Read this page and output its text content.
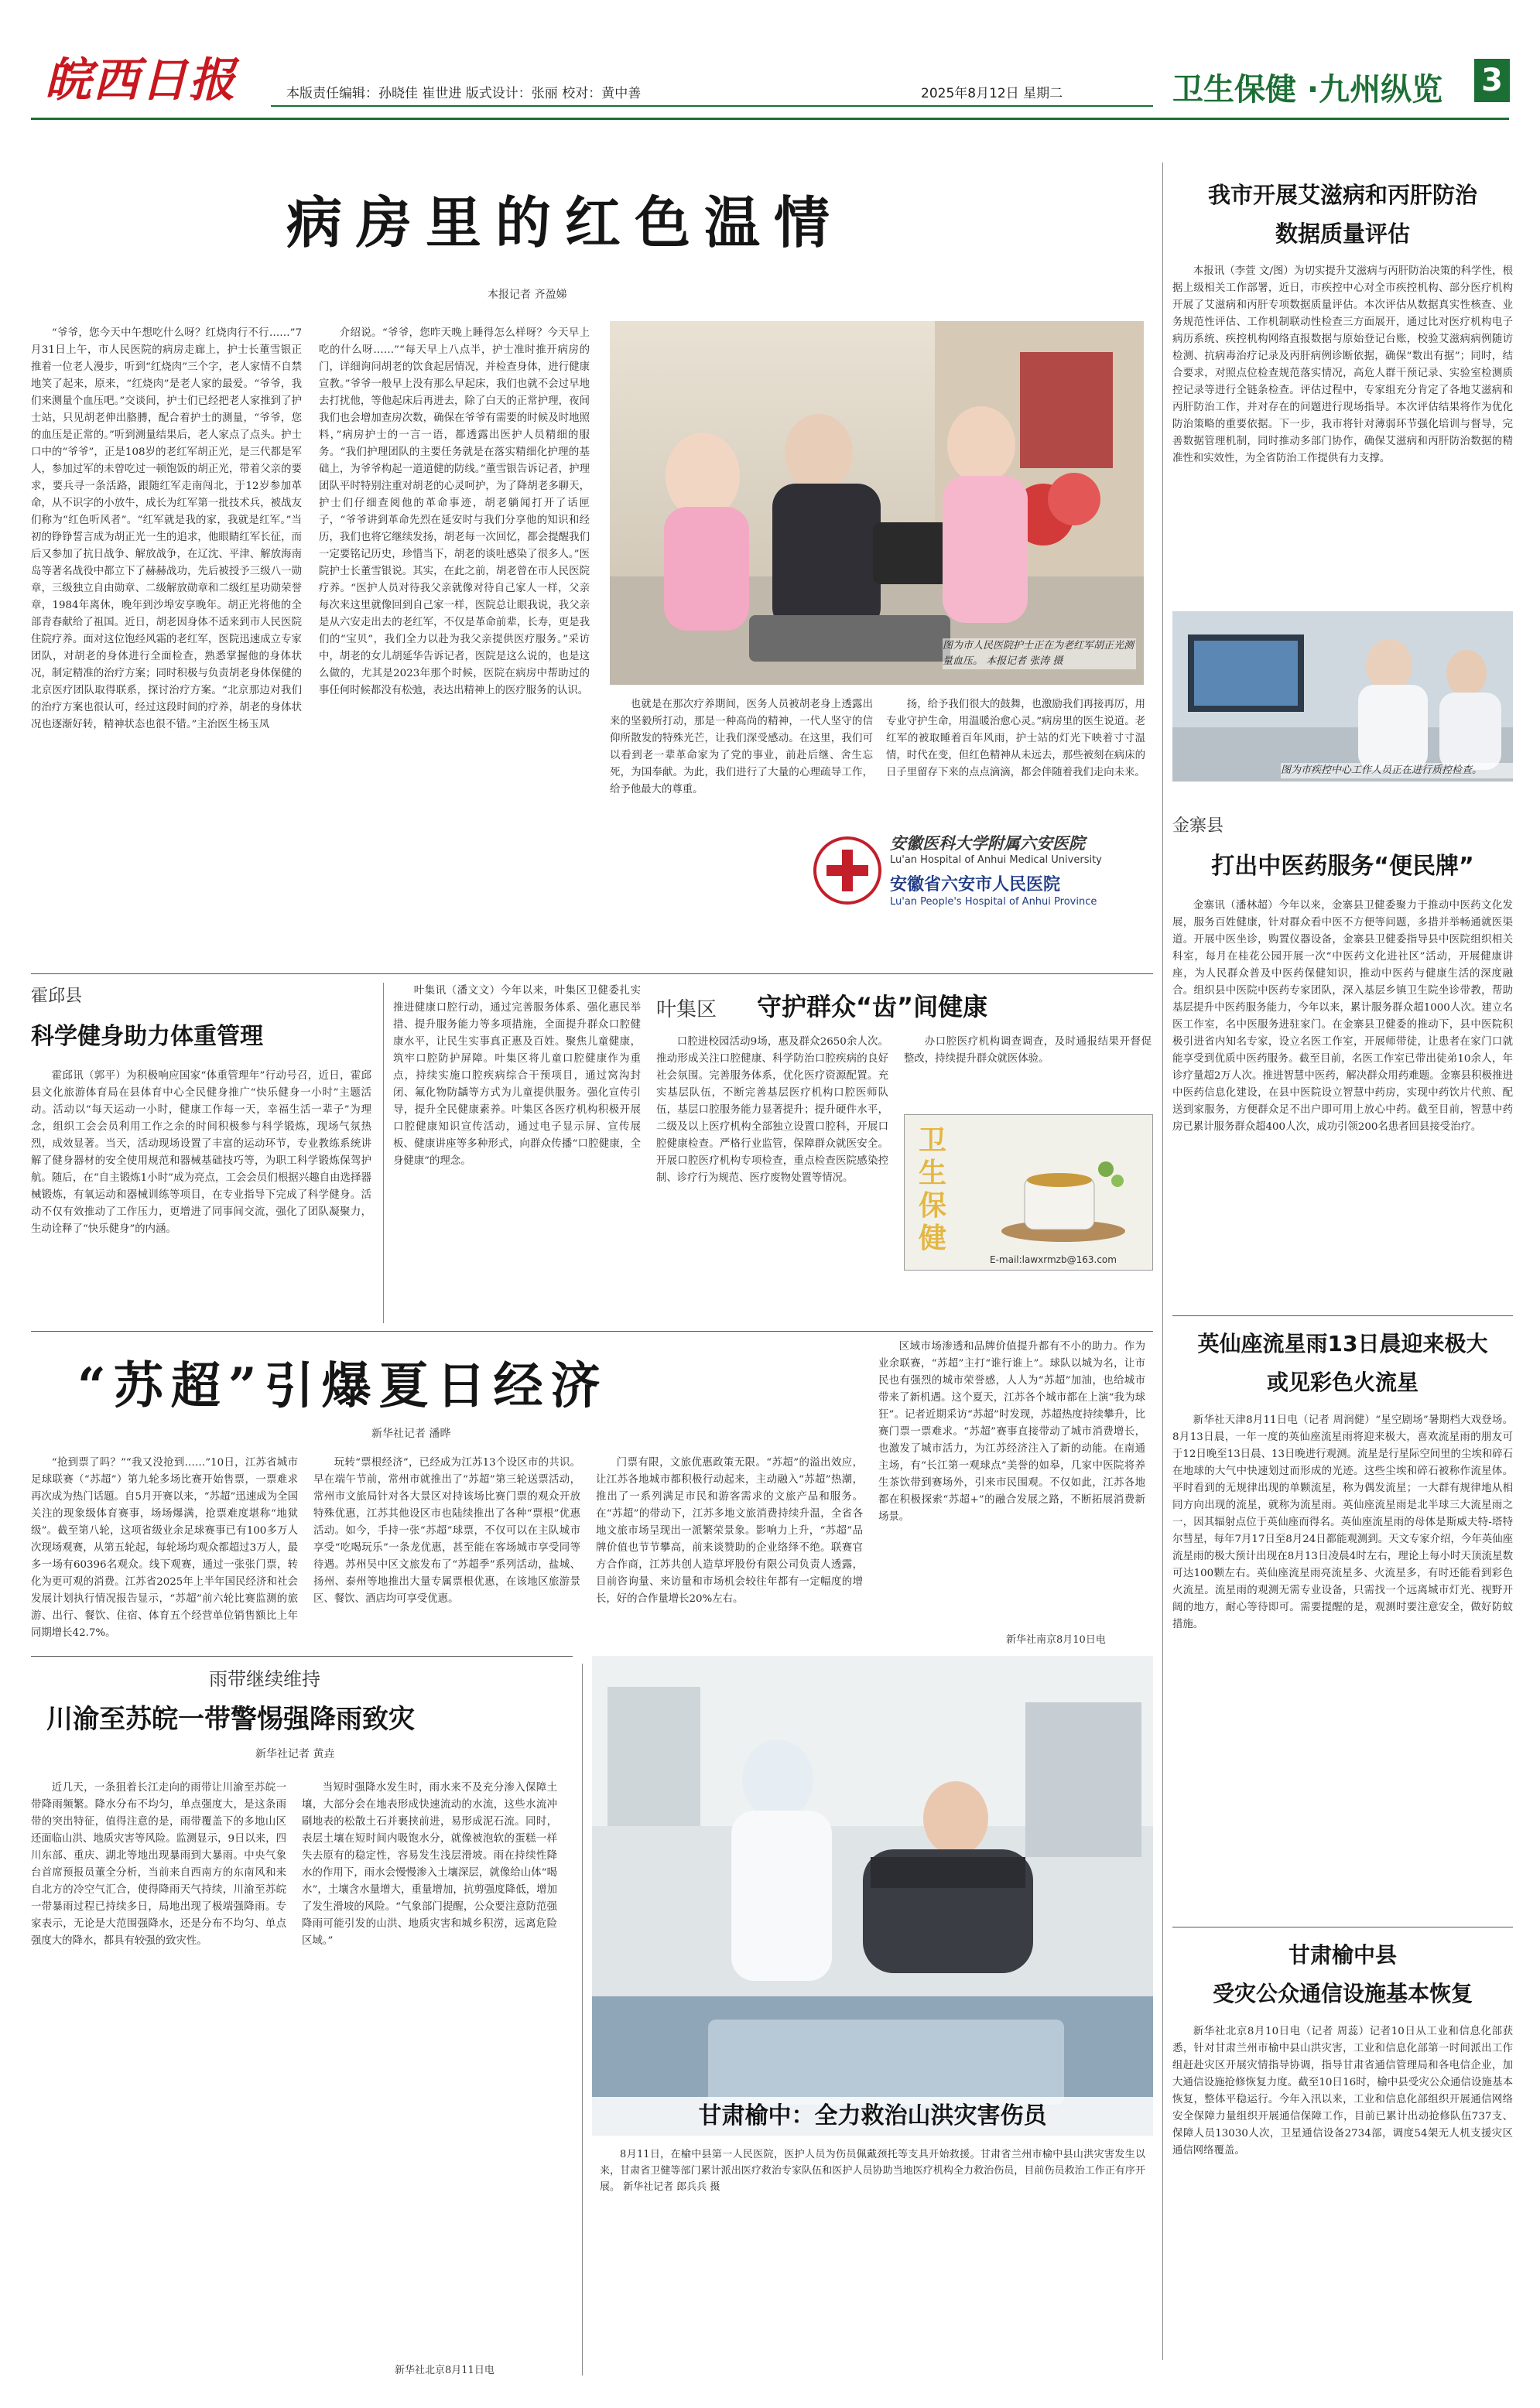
皖西日报	本版责任编辑：孙晓佳 崔世进 版式设计：张丽 校对：黄中善	2025年8月12日 星期二	卫生保健 ·九州纵览 3
病房里的红色温情
本报记者 齐盈娣

“爷爷，您今天中午想吃什么呀？红烧肉行不行……”7月31日上午，市人民医院的病房走廊上，护士长董雪银正推着一位老人漫步，听到“红烧肉”三个字，老人家情不自禁地笑了起来，原来，“红烧肉”是老人家的最爱。“爷爷，我们来测量个血压吧。”交谈间，护士们已经把老人家推到了护士站，只见胡老伸出胳膊，配合着护士的测量，“爷爷，您的血压是正常的。”听到测量结果后，老人家点了点头。护士口中的“爷爷”，正是108岁的老红军胡正光，是三代都是军人，参加过军的未曾吃过一顿饱饭的胡正光，带着父亲的要求，要兵寻一条活路，跟随红军走南闯北，于12岁参加革命，从不识字的小放牛，成长为红军第一批技术兵，被战友们称为“红色听风者”。“红军就是我的家，我就是红军。”当初的铮铮誓言成为胡正光一生的追求，他眼睛红军长征，而后又参加了抗日战争、解放战争，在辽沈、平津、解放海南岛等著名战役中都立下了赫赫战功，先后被授予三级八一勋章，三级独立自由勋章、二级解放勋章和二级红星功勋荣誉章，1984年离休，晚年到沙埠安享晚年。胡正光将他的全部青春献给了祖国。近日，胡老因身体不适来到市人民医院住院疗养。面对这位饱经风霜的老红军，医院迅速成立专家团队，对胡老的身体进行全面检查，熟悉掌握他的身体状况，制定精准的治疗方案；同时积极与负责胡老身体保健的北京医疗团队取得联系，探讨治疗方案。“北京那边对我们的治疗方案也很认可，经过这段时间的疗养，胡老的身体状况也逐渐好转，精神状态也很不错。”主治医生杨玉凤

介绍说。“爷爷，您昨天晚上睡得怎么样呀？今天早上吃的什么呀……”“每天早上八点半，护士准时推开病房的门，详细询问胡老的饮食起居情况，并检查身体，进行健康宣教。”爷爷一般早上没有那么早起床，我们也就不会过早地去打扰他，等他起床后再进去，除了白天的正常护理，夜间我们也会增加查房次数，确保在爷爷有需要的时候及时地照料，”病房护士的一言一语，都透露出医护人员精细的服务。“我们护理团队的主要任务就是在落实精细化护理的基础上，为爷爷构起一道道健的防线。”董雪银告诉记者，护理团队平时特别注重对胡老的心灵呵护，为了降胡老多聊天，护士们仔细查阅他的革命事迹，胡老躺闻打开了话匣子，“爷爷讲到革命先烈在延安时与我们分享他的知识和经历，我们也将它继续发扬，胡老每一次回忆，都会提醒我们一定要铭记历史，珍惜当下，胡老的谈吐感染了很多人。”医院护士长董雪银说。其实，在此之前，胡老曾在市人民医院疗养。“医护人员对待我父亲就像对待自己家人一样，父亲每次来这里就像回到自己家一样，医院总让眼我说，我父亲是从六安走出去的老红军，不仅是革命前辈，长寿，更是我们的“宝贝”，我们全力以赴为我父亲提供医疗服务。”采访中，胡老的女儿胡延华告诉记者，医院是这么说的，也是这么做的，尤其是2023年那个时候，医院在病房中帮助过的事任何时候都没有松弛，表达出精神上的医疗服务的认识。

图为市人民医院护士正在为老红军胡正光测量血压。 本报记者 张涛 摄

也就是在那次疗养期间，医务人员被胡老身上透露出来的坚毅所打动，那是一种高尚的精神，一代人坚守的信仰所散发的特殊光芒，让我们深受感动。在这里，我们可以看到老一辈革命家为了党的事业，前赴后继、舍生忘死，为国奉献。为此，我们进行了大量的心理疏导工作，给予他最大的尊重。

扬，给予我们很大的鼓舞，也激励我们再接再厉，用专业守护生命，用温暖治愈心灵。”病房里的医生说道。老红军的被取睡着百年风雨，护士站的灯光下映着寸寸温情，时代在变，但红色精神从未远去，那些被刻在病床的日子里留存下来的点点滴滴，都会伴随着我们走向未来。

安徽医科大学附属六安医院
Lu'an Hospital of Anhui Medical University
安徽省六安市人民医院
Lu'an People's Hospital of Anhui Province
我市开展艾滋病和丙肝防治
数据质量评估

本报讯（李萱 文/图）为切实提升艾滋病与丙肝防治决策的科学性，根据上级相关工作部署，近日，市疾控中心对全市疾控机构、部分医疗机构开展了艾滋病和丙肝专项数据质量评估。本次评估从数据真实性核查、业务规范性评估、工作机制联动性检查三方面展开，通过比对医疗机构电子病历系统、疾控机构网络直报数据与原始登记台账，校验艾滋病病例随访检测、抗病毒治疗记录及丙肝病例诊断依据，确保“数出有据”；同时，结合要求，对照点位检查规范落实情况，高危人群干预记录、实验室检测质控记录等进行全链条检查。评估过程中，专家组充分肯定了各地艾滋病和丙肝防治工作，并对存在的问题进行现场指导。本次评估结果将作为优化防治策略的重要依据。下一步，我市将针对薄弱环节强化培训与督导，完善数据管理机制，同时推动多部门协作，确保艾滋病和丙肝防治数据的精准性和实效性，为全省防治工作提供有力支撑。

图为市疾控中心工作人员正在进行质控检查。
金寨县
打出中医药服务“便民牌”

金寨讯（潘林超）今年以来，金寨县卫健委聚力于推动中医药文化发展，服务百姓健康，针对群众看中医不方便等问题，多措并举畅通就医渠道。开展中医坐诊，购置仪器设备，金寨县卫健委指导县中医院组织相关科室，每月在桂花公园开展一次“中医药文化进社区”活动，开展健康讲座，为人民群众普及中医药保健知识，推动中医药与健康生活的深度融合。组织县中医院中医药专家团队，深入基层乡镇卫生院坐诊带教，帮助基层提升中医药服务能力，今年以来，累计服务群众超1000人次。建立名医工作室，名中医服务进驻家门。在金寨县卫健委的推动下，县中医院积极引进省内知名专家，设立名医工作室，开展师带徒，让患者在家门口就能享受到优质中医药服务。截至目前，名医工作室已带出徒弟10余人，年诊疗量超2万人次。推进智慧中医药，解决群众用药难题。金寨县积极推进中医药信息化建设，在县中医院设立智慧中药房，实现中药饮片代煎、配送到家服务，方便群众足不出户即可用上放心中药。截至目前，智慧中药房已累计服务群众超400人次，成功引领200名患者回县接受治疗。

霍邱县
科学健身助力体重管理

霍邱讯（郭平）为积极响应国家“体重管理年”行动号召，近日，霍邱县文化旅游体育局在县体育中心全民健身推广“快乐健身一小时”主题活动。活动以“每天运动一小时，健康工作每一天，幸福生活一辈子”为理念，组织工会会员利用工作之余的时间积极参与科学锻炼，现场气氛热烈，成效显著。当天，活动现场设置了丰富的运动环节，专业教练系统讲解了健身器材的安全使用规范和器械基础技巧等，为职工科学锻炼保驾护航。随后，在“自主锻炼1小时”成为亮点，工会会员们根据兴趣自由选择器械锻炼，有氧运动和器械训练等项目，在专业指导下完成了科学健身。活动不仅有效推动了工作压力，更增进了同事间交流，强化了团队凝聚力，生动诠释了“快乐健身”的内涵。

叶集区 守护群众“齿”间健康

叶集讯（潘文文）今年以来，叶集区卫健委扎实推进健康口腔行动，通过完善服务体系、强化惠民举措、提升服务能力等多项措施，全面提升群众口腔健康水平，让民生实事真正惠及百姓。聚焦儿童健康，筑牢口腔防护屏障。叶集区将儿童口腔健康作为重点，持续实施口腔疾病综合干预项目，通过窝沟封闭、氟化物防龋等方式为儿童提供服务。强化宣传引导，提升全民健康素养。叶集区各医疗机构积极开展口腔健康知识宣传活动，通过电子显示屏、宣传展板、健康讲座等多种形式，向群众传播“口腔健康，全身健康”的理念。

口腔进校园活动9场，惠及群众2650余人次。推动形成关注口腔健康、科学防治口腔疾病的良好社会氛围。完善服务体系，优化医疗资源配置。充实基层队伍，不断完善基层医疗机构口腔医师队伍，基层口腔服务能力显著提升；提升硬件水平，二级及以上医疗机构全部独立设置口腔科，开展口腔健康检查。严格行业监管，保障群众就医安全。开展口腔医疗机构专项检查，重点检查医院感染控制、诊疗行为规范、医疗废物处置等情况。

办口腔医疗机构调查调查，及时通报结果开督促整改，持续提升群众就医体验。

卫生保健
E-mail:lawxrmzb@163.com
“苏超”引爆夏日经济
新华社记者 潘晔

“抢到票了吗？”“我又没抢到……”10日，江苏省城市足球联赛（“苏超”）第九轮多场比赛开始售票，一票难求再次成为热门话题。自5月开赛以来，“苏超”迅速成为全国关注的现象级体育赛事，场场爆满，抢票难度堪称“地狱级”。截至第八轮，这项省级业余足球赛事已有100多万人次现场观赛，从第五轮起，每轮场均观众都超过3万人，最多一场有60396名观众。线下观赛，通过一张张门票，转化为更可观的消费。江苏省2025年上半年国民经济和社会发展计划执行情况报告显示，“苏超”前六轮比赛监测的旅游、出行、餐饮、住宿、体育五个经营单位销售额比上年同期增长42.7%。

玩转“票根经济”，已经成为江苏13个设区市的共识。早在端午节前，常州市就推出了“苏超”第三轮送票活动，常州市文旅局针对各大景区对持该场比赛门票的观众开放特殊优惠，江苏其他设区市也陆续推出了各种“票根”优惠活动。如今，手持一张“苏超”球票，不仅可以在主队城市享受“吃喝玩乐”一条龙优惠，甚至能在客场城市享受同等待遇。苏州吴中区文旅发布了“苏超季”系列活动，盐城、扬州、泰州等地推出大量专属票根优惠，在该地区旅游景区、餐饮、酒店均可享受优惠。

门票有限，文旅优惠政策无限。“苏超”的溢出效应，让江苏各地城市都积极行动起来，主动融入“苏超”热潮，推出了一系列满足市民和游客需求的文旅产品和服务。在“苏超”的带动下，江苏多地文旅消费持续升温，全省各地文旅市场呈现出一派繁荣景象。影响力上升，“苏超”品牌价值也节节攀高，前来谈赞助的企业络绎不绝。联赛官方合作商，江苏共创人造草坪股份有限公司负责人透露，目前咨询量、来访量和市场机会较往年都有一定幅度的增长，好的合作量增长20%左右。

区域市场渗透和品牌价值提升都有不小的助力。作为业余联赛，“苏超”主打“谁行谁上”。球队以城为名，让市民也有强烈的城市荣誉感，人人为“苏超”加油，也给城市带来了新机遇。这个夏天，江苏各个城市都在上演“我为球狂”。记者近期采访“苏超”时发现，苏超热度持续攀升，比赛门票一票难求。“苏超”赛事直接带动了城市消费增长，也激发了城市活力，为江苏经济注入了新的动能。在南通主场，有“长江第一观球点”美誉的如皋，几家中医院将养生茶饮带到赛场外，引来市民围观。不仅如此，江苏各地都在积极探索“苏超+”的融合发展之路，不断拓展消费新场景。

新华社南京8月10日电
雨带继续维持
川渝至苏皖一带警惕强降雨致灾
新华社记者 黄垚

近几天，一条狙着长江走向的雨带让川渝至苏皖一带降雨频繁。降水分布不均匀，单点强度大，是这条雨带的突出特征，值得注意的是，雨带覆盖下的多地山区还面临山洪、地质灾害等风险。监测显示，9日以来，四川东部、重庆、湖北等地出现暴雨到大暴雨。中央气象台首席预报员董全分析，当前来自西南方的东南风和来自北方的冷空气汇合，使得降雨天气持续，川渝至苏皖一带暴雨过程已持续多日，局地出现了极端强降雨。专家表示，无论是大范围强降水，还是分布不均匀、单点强度大的降水，都具有较强的致灾性。

当短时强降水发生时，雨水来不及充分渗入保障土壤，大部分会在地表形成快速流动的水流，这些水流冲刷地表的松散土石并裹挟前进，易形成泥石流。同时，表层土壤在短时间内吸饱水分，就像被泡软的蛋糕一样失去原有的稳定性，容易发生浅层滑坡。雨在持续性降水的作用下，雨水会慢慢渗入土壤深层，就像给山体“喝水”，土壤含水量增大，重量增加，抗剪强度降低，增加了发生滑坡的风险。“气象部门提醒，公众要注意防范强降雨可能引发的山洪、地质灾害和城乡积涝，远离危险区域。”

新华社北京8月11日电
甘肃榆中：全力救治山洪灾害伤员

8月11日，在榆中县第一人民医院，医护人员为伤员佩戴颈托等支具开始救援。甘肃省兰州市榆中县山洪灾害发生以来，甘肃省卫健等部门累计派出医疗救治专家队伍和医护人员协助当地医疗机构全力救治伤员，目前伤员救治工作正有序开展。 新华社记者 郎兵兵 摄

英仙座流星雨13日晨迎来极大
或见彩色火流星

新华社天津8月11日电（记者 周润健）“星空剧场”暑期档大戏登场。8月13日晨，一年一度的英仙座流星雨将迎来极大，喜欢流星雨的朋友可于12日晚至13日晨、13日晚进行观测。流星是行星际空间里的尘埃和碎石在地球的大气中快速划过而形成的光迹。这些尘埃和碎石被称作流星体。平时看到的无规律出现的单颗流星，称为偶发流星；一大群有规律地从相同方向出现的流星，就称为流星雨。英仙座流星雨是北半球三大流星雨之一，因其辐射点位于英仙座而得名。英仙座流星雨的母体是斯威夫特-塔特尔彗星，每年7月17日至8月24日都能观测到。天文专家介绍，今年英仙座流星雨的极大预计出现在8月13日凌晨4时左右，理论上每小时天顶流星数可达100颗左右。英仙座流星雨亮流星多、火流星多，有时还能看到彩色火流星。流星雨的观测无需专业设备，只需找一个远离城市灯光、视野开阔的地方，耐心等待即可。需要提醒的是，观测时要注意安全，做好防蚊措施。

甘肃榆中县
受灾公众通信设施基本恢复

新华社北京8月10日电（记者 周蕊）记者10日从工业和信息化部获悉，针对甘肃兰州市榆中县山洪灾害，工业和信息化部第一时间派出工作组赶赴灾区开展灾情指导协调，指导甘肃省通信管理局和各电信企业，加大通信设施抢修恢复力度。截至10日16时，榆中县受灾公众通信设施基本恢复，整体平稳运行。今年入汛以来，工业和信息化部组织开展通信网络安全保障力量组织开展通信保障工作，目前已累计出动抢修队伍737支、保障人员13030人次，卫星通信设备2734部，调度54架无人机支援灾区通信网络覆盖。
